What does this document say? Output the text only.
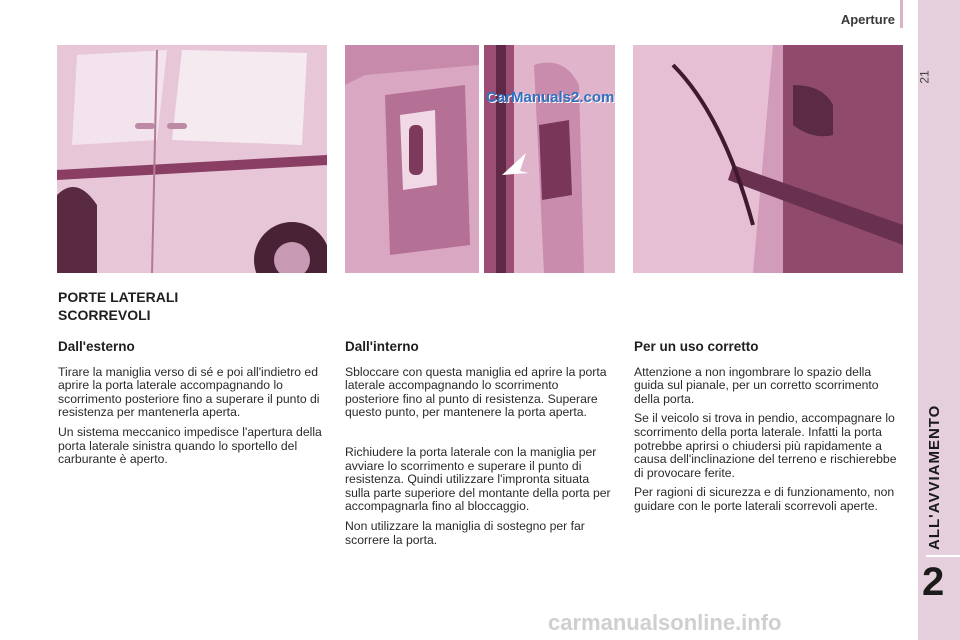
Aperture
21
ALL'AVVIAMENTO
2
CarManuals2.com
PORTE LATERALI
SCORREVOLI
Dall'esterno

Tirare la maniglia verso di sé e poi all'indietro ed aprire la porta laterale accompagnando lo scorrimento posteriore fino a superare il punto di resistenza per mantenerla aperta.

Un sistema meccanico impedisce l'apertura della porta laterale sinistra quando lo sportello del carburante è aperto.

Dall'interno

Sbloccare con questa maniglia ed aprire la porta laterale accompagnando lo scorrimento posteriore fino al punto di resistenza. Superare questo punto, per mantenere la porta aperta.

Richiudere la porta laterale con la maniglia per avviare lo scorrimento e superare il punto di resistenza. Quindi utilizzare l'impronta situata sulla parte superiore del montante della porta per accompagnarla fino al bloccaggio.

Non utilizzare la maniglia di sostegno per far scorrere la porta.

Per un uso corretto

Attenzione a non ingombrare lo spazio della guida sul pianale, per un corretto scorrimento della porta.

Se il veicolo si trova in pendio, accompagnare lo scorrimento della porta laterale. Infatti la porta potrebbe aprirsi o chiudersi più rapidamente a causa dell'inclinazione del terreno e rischierebbe di provocare ferite.

Per ragioni di sicurezza e di funzionamento, non guidare con le porte laterali scorrevoli aperte.

carmanualsonline.info
